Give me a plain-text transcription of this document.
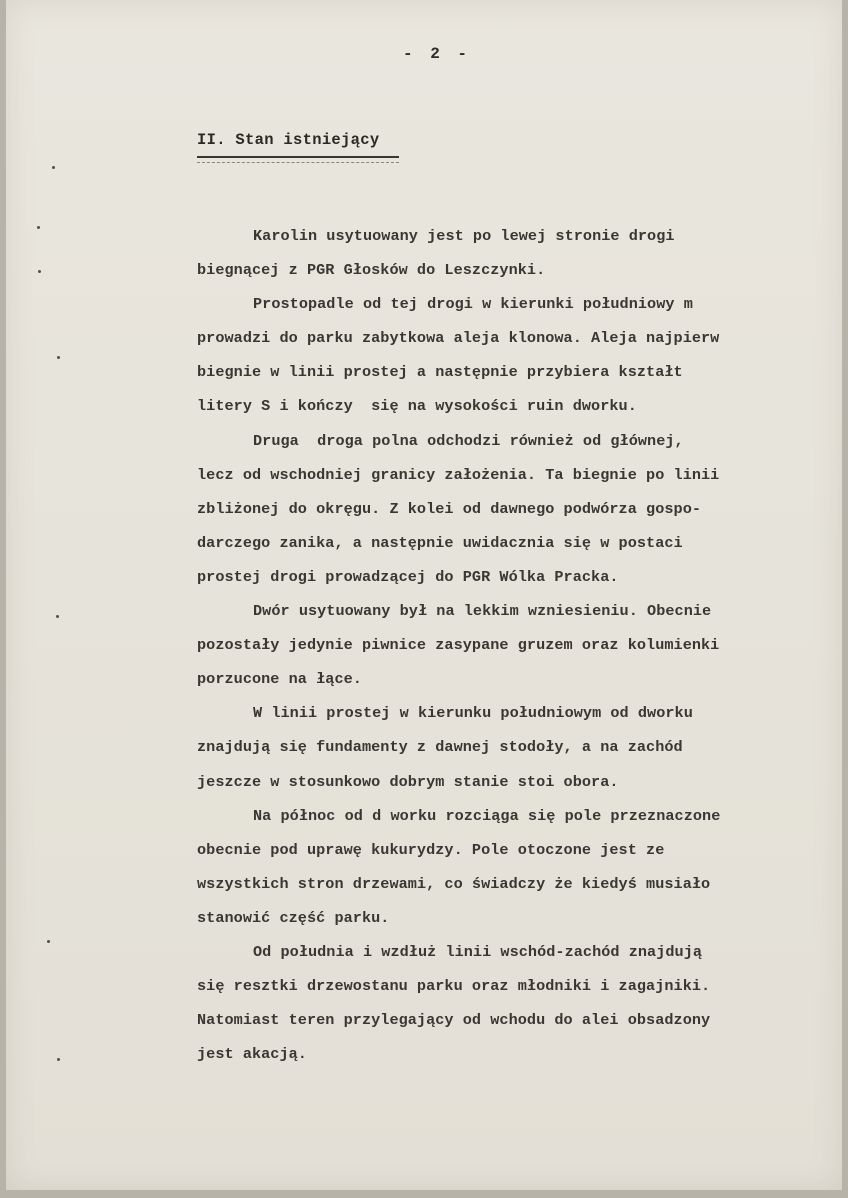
- 2 -
II. Stan istniejący
Karolin usytuowany jest po lewej stronie drogi
biegnącej z PGR Głosków do Leszczynki.
Prostopadle od tej drogi w kierunki południowy m
prowadzi do parku zabytkowa aleja klonowa. Aleja najpierw
biegnie w linii prostej a następnie przybiera kształt
litery S i kończy  się na wysokości ruin dworku.
Druga  droga polna odchodzi również od głównej,
lecz od wschodniej granicy założenia. Ta biegnie po linii
zbliżonej do okręgu. Z kolei od dawnego podwórza gospo-
darczego zanika, a następnie uwidacznia się w postaci
prostej drogi prowadzącej do PGR Wólka Pracka.
Dwór usytuowany był na lekkim wzniesieniu. Obecnie
pozostały jedynie piwnice zasypane gruzem oraz kolumienki
porzucone na łące.
W linii prostej w kierunku południowym od dworku
znajdują się fundamenty z dawnej stodoły, a na zachód
jeszcze w stosunkowo dobrym stanie stoi obora.
Na północ od d worku rozciąga się pole przeznaczone
obecnie pod uprawę kukurydzy. Pole otoczone jest ze
wszystkich stron drzewami, co świadczy że kiedyś musiało
stanowić część parku.
Od południa i wzdłuż linii wschód-zachód znajdują
się resztki drzewostanu parku oraz młodniki i zagajniki.
Natomiast teren przylegający od wchodu do alei obsadzony
jest akacją.
